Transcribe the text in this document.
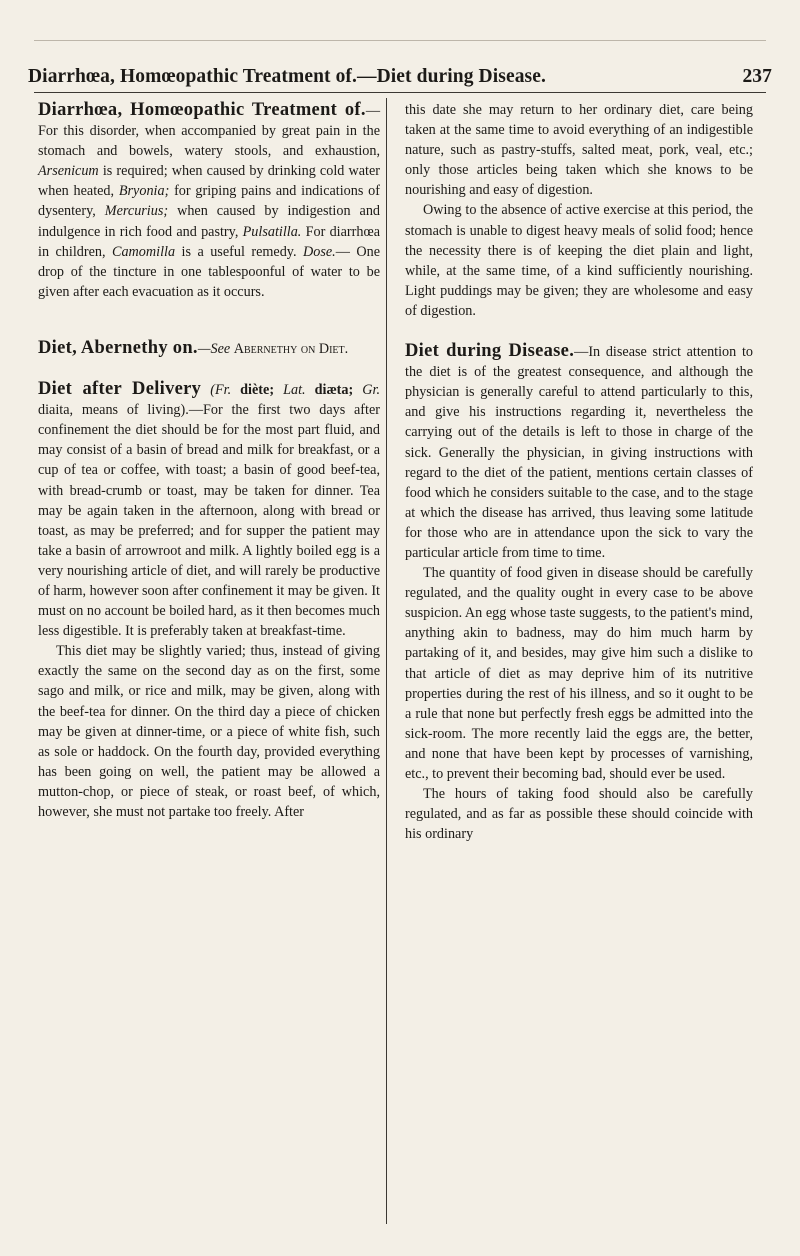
Diarrhœa, Homœopathic Treatment of.—Diet during Disease.	237

Diarrhœa, Homœopathic Treatment of.—For this disorder, when accompanied by great pain in the stomach and bowels, watery stools, and exhaustion, Arsenicum is required; when caused by drinking cold water when heated, Bryonia; for griping pains and indications of dysentery, Mercurius; when caused by indigestion and indulgence in rich food and pastry, Pulsatilla. For diarrhœa in children, Camomilla is a useful remedy. Dose.— One drop of the tincture in one tablespoonful of water to be given after each evacuation as it occurs.

Diet, Abernethy on.—See Abernethy on Diet.

Diet after Delivery (Fr. diète; Lat. diæta; Gr. diaita, means of living).—For the first two days after confinement the diet should be for the most part fluid, and may consist of a basin of bread and milk for breakfast, or a cup of tea or coffee, with toast; a basin of good beef-tea, with bread-crumb or toast, may be taken for dinner. Tea may be again taken in the afternoon, along with bread or toast, as may be preferred; and for supper the patient may take a basin of arrowroot and milk. A lightly boiled egg is a very nourishing article of diet, and will rarely be productive of harm, however soon after confinement it may be given. It must on no account be boiled hard, as it then becomes much less digestible. It is preferably taken at breakfast-time.

This diet may be slightly varied; thus, instead of giving exactly the same on the second day as on the first, some sago and milk, or rice and milk, may be given, along with the beef-tea for dinner. On the third day a piece of chicken may be given at dinner-time, or a piece of white fish, such as sole or haddock. On the fourth day, provided everything has been going on well, the patient may be allowed a mutton-chop, or piece of steak, or roast beef, of which, however, she must not partake too freely. After

this date she may return to her ordinary diet, care being taken at the same time to avoid everything of an indigestible nature, such as pastry-stuffs, salted meat, pork, veal, etc.; only those articles being taken which she knows to be nourishing and easy of digestion.

Owing to the absence of active exercise at this period, the stomach is unable to digest heavy meals of solid food; hence the necessity there is of keeping the diet plain and light, while, at the same time, of a kind sufficiently nourishing. Light puddings may be given; they are wholesome and easy of digestion.

Diet during Disease.—In disease strict attention to the diet is of the greatest consequence, and although the physician is generally careful to attend particularly to this, and give his instructions regarding it, nevertheless the carrying out of the details is left to those in charge of the sick. Generally the physician, in giving instructions with regard to the diet of the patient, mentions certain classes of food which he considers suitable to the case, and to the stage at which the disease has arrived, thus leaving some latitude for those who are in attendance upon the sick to vary the particular article from time to time.

The quantity of food given in disease should be carefully regulated, and the quality ought in every case to be above suspicion. An egg whose taste suggests, to the patient's mind, anything akin to badness, may do him much harm by partaking of it, and besides, may give him such a dislike to that article of diet as may deprive him of its nutritive properties during the rest of his illness, and so it ought to be a rule that none but perfectly fresh eggs be admitted into the sick-room. The more recently laid the eggs are, the better, and none that have been kept by processes of varnishing, etc., to prevent their becoming bad, should ever be used.

The hours of taking food should also be carefully regulated, and as far as possible these should coincide with his ordinary
